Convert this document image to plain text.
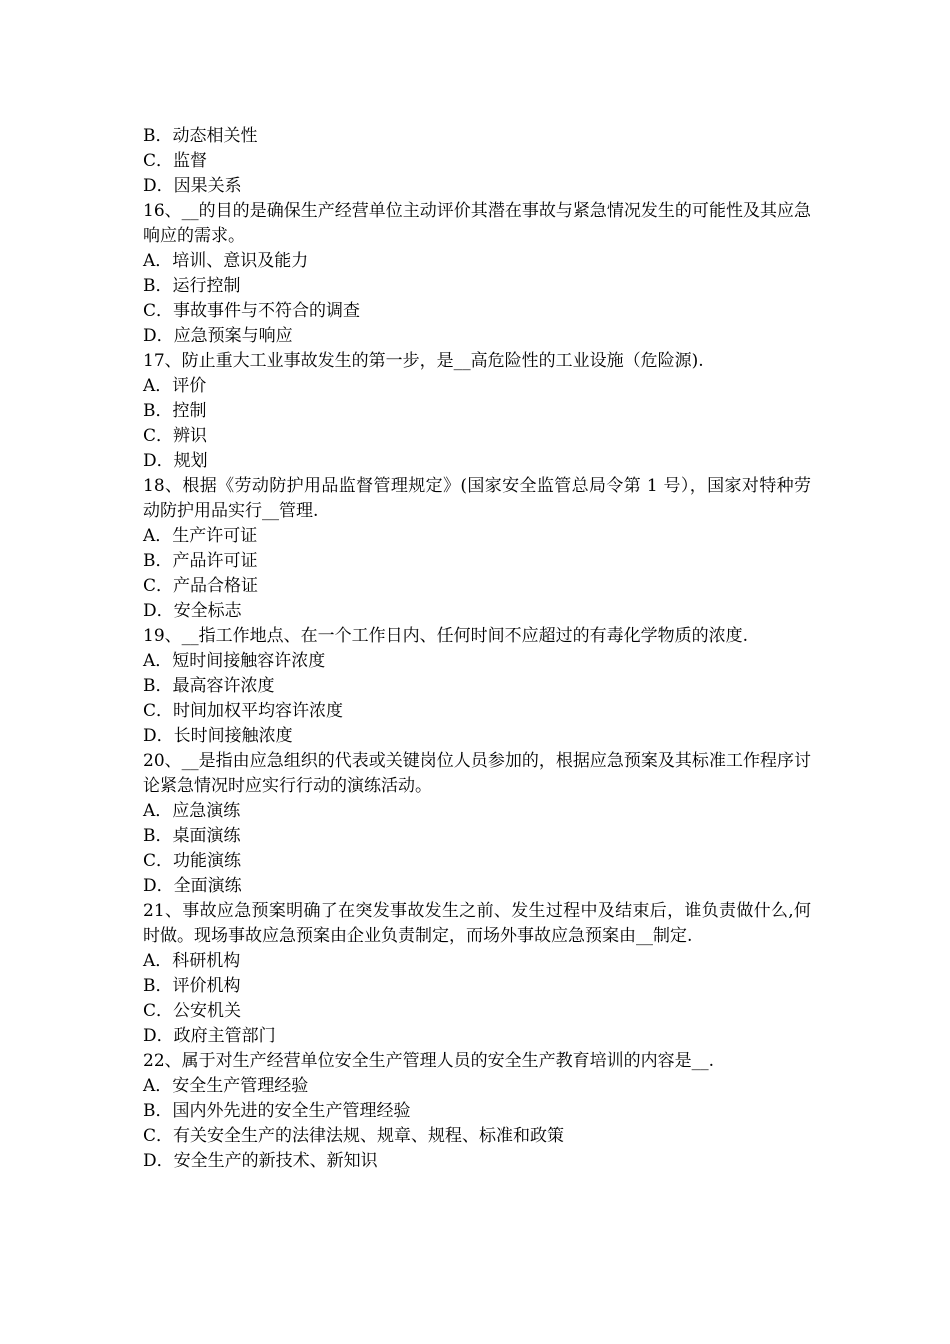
B．动态相关性

C．监督

D．因果关系

16、__的目的是确保生产经营单位主动评价其潜在事故与紧急情况发生的可能性及其应急响应的需求。

A．培训、意识及能力

B．运行控制

C．事故事件与不符合的调查

D．应急预案与响应

17、防止重大工业事故发生的第一步，是__高危险性的工业设施（危险源).

A．评价

B．控制

C．辨识

D．规划

18、根据《劳动防护用品监督管理规定》(国家安全监管总局令第 1 号），国家对特种劳动防护用品实行__管理.

A．生产许可证

B．产品许可证

C．产品合格证

D．安全标志

19、__指工作地点、在一个工作日内、任何时间不应超过的有毒化学物质的浓度.

A．短时间接触容许浓度

B．最高容许浓度

C．时间加权平均容许浓度

D．长时间接触浓度

20、__是指由应急组织的代表或关键岗位人员参加的，根据应急预案及其标准工作程序讨论紧急情况时应实行行动的演练活动。

A．应急演练

B．桌面演练

C．功能演练

D．全面演练

21、事故应急预案明确了在突发事故发生之前、发生过程中及结束后，谁负责做什么,何时做。现场事故应急预案由企业负责制定，而场外事故应急预案由__制定.

A．科研机构

B．评价机构

C．公安机关

D．政府主管部门

22、属于对生产经营单位安全生产管理人员的安全生产教育培训的内容是__.

A．安全生产管理经验

B．国内外先进的安全生产管理经验

C．有关安全生产的法律法规、规章、规程、标准和政策

D．安全生产的新技术、新知识
